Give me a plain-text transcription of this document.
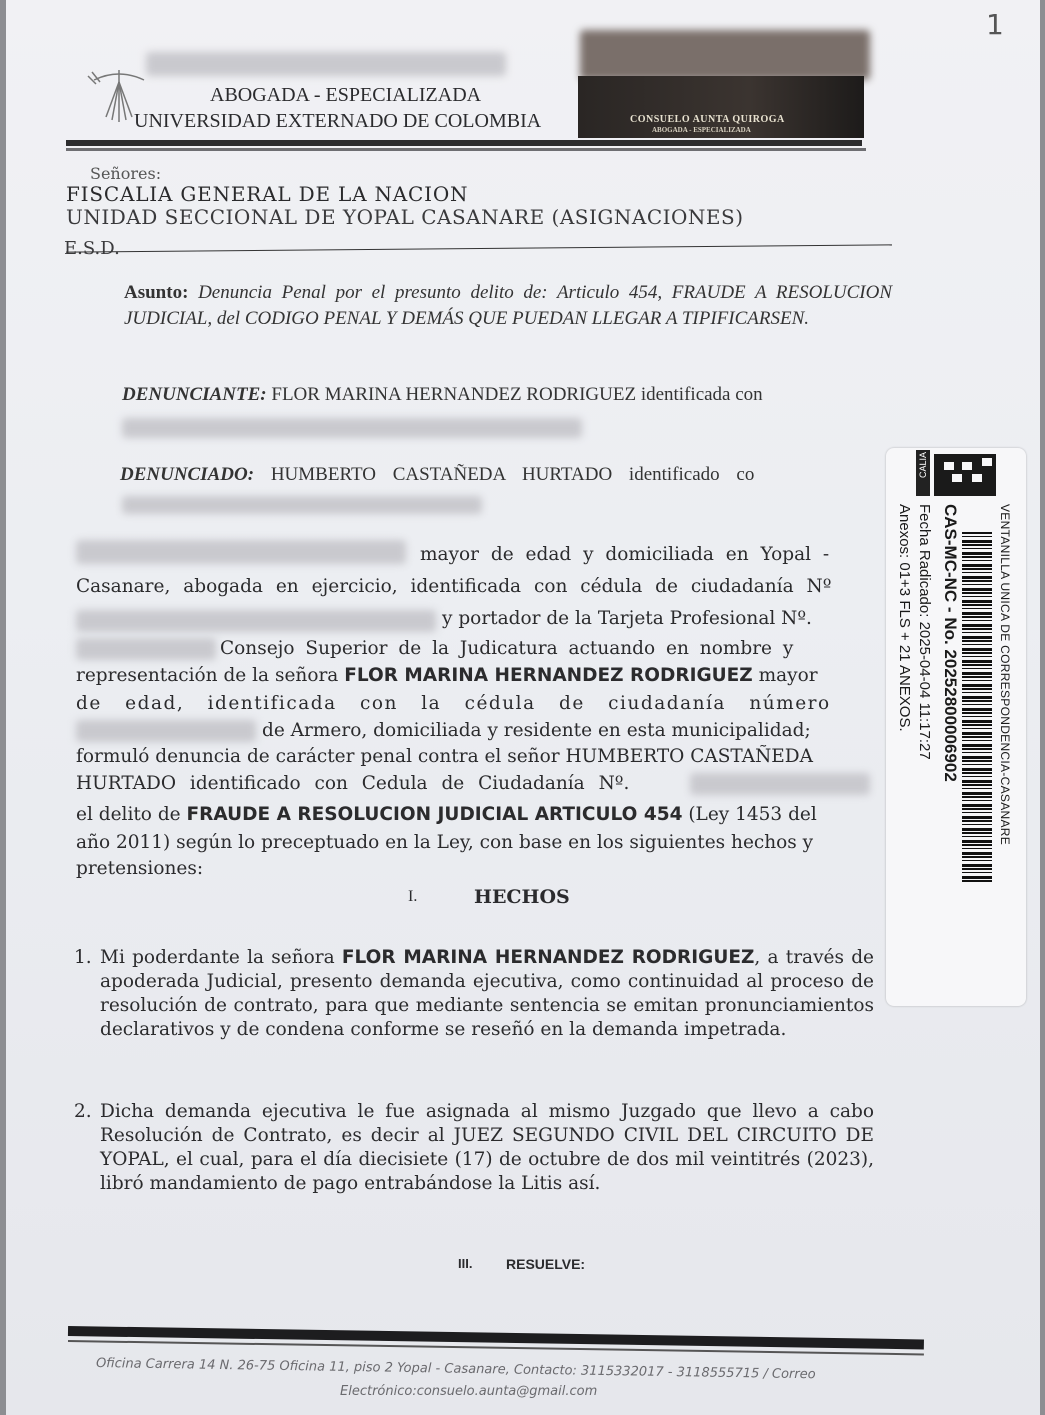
1
ABOGADA - ESPECIALIZADA
UNIVERSIDAD EXTERNADO DE COLOMBIA	CONSUELO AUNTA QUIROGA
ABOGADA - ESPECIALIZADA
Señores:
FISCALIA GENERAL DE LA NACION
UNIDAD SECCIONAL DE YOPAL CASANARE (ASIGNACIONES)
E.S.D.
Asunto: Denuncia Penal por el presunto delito de: Articulo 454, FRAUDE A RESOLUCION JUDICIAL, del CODIGO PENAL Y DEMÁS QUE PUEDAN LLEGAR A TIPIFICARSEN.
DENUNCIANTE: FLOR MARINA HERNANDEZ RODRIGUEZ identificada con
DENUNCIADO: HUMBERTO CASTAÑEDA HURTADO identificado co
mayor de edad y domiciliada en Yopal -
Casanare, abogada en ejercicio, identificada con cédula de ciudadanía Nº
y portador de la Tarjeta Profesional Nº.
Consejo Superior de la Judicatura actuando en nombre y
representación de la señora FLOR MARINA HERNANDEZ RODRIGUEZ mayor
de edad, identificada con la cédula de ciudadanía número
de Armero, domiciliada y residente en esta municipalidad;
formuló denuncia de carácter penal contra el señor HUMBERTO CASTAÑEDA
HURTADO identificado con Cedula de Ciudadanía Nº.
el delito de FRAUDE A RESOLUCION JUDICIAL ARTICULO 454 (Ley 1453 del
año 2011) según lo preceptuado en la Ley, con base en los siguientes hechos y
pretensiones:
I.	HECHOS
1. Mi poderdante la señora FLOR MARINA HERNANDEZ RODRIGUEZ, a través de apoderada Judicial, presento demanda ejecutiva, como continuidad al proceso de resolución de contrato, para que mediante sentencia se emitan pronunciamientos declarativos y de condena conforme se reseñó en la demanda impetrada.
2. Dicha demanda ejecutiva le fue asignada al mismo Juzgado que llevo a cabo Resolución de Contrato, es decir al JUEZ SEGUNDO CIVIL DEL CIRCUITO DE YOPAL, el cual, para el día diecisiete (17) de octubre de dos mil veintitrés (2023), libró mandamiento de pago entrabándose la Litis así.
III. RESUELVE:
Oficina Carrera 14 N. 26-75 Oficina 11, piso 2 Yopal - Casanare, Contacto: 3115332017 - 3118555715 / Correo
Electrónico:consuelo.aunta@gmail.com
CALIA
VENTANILLA UNICA DE CORRESPONDENCIA-CASANARE
CAS-MC-NC - No. 20252800006902
Fecha Radicado: 2025-04-04 11:17:27
Anexos: 01+3 FLS + 21 ANEXOS.
